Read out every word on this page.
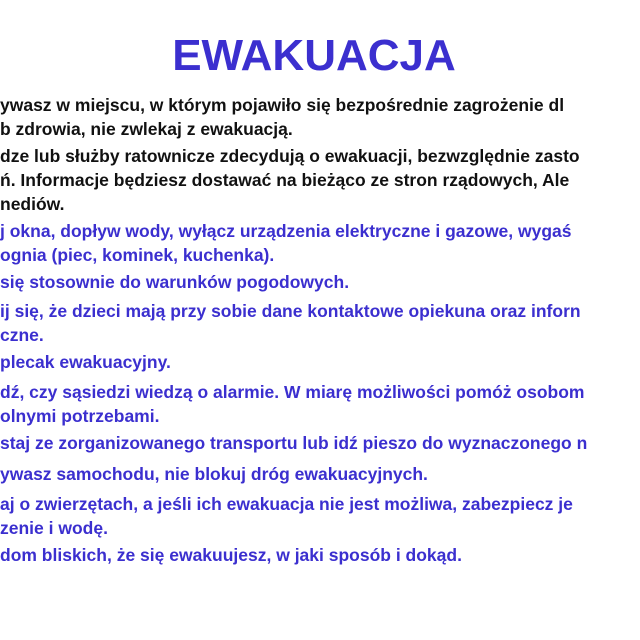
EWAKUACJA
ywasz w miejscu, w którym pojawiło się bezpośrednie zagrożenie dl
b zdrowia, nie zwlekaj z ewakuacją.
dze lub służby ratownicze zdecydują o ewakuacji, bezwzględnie zasto
ń. Informacje będziesz dostawać na bieżąco ze stron rządowych, Ale
nediów.
j okna, dopływ wody, wyłącz urządzenia elektryczne i gazowe, wygaś
ognia (piec, kominek, kuchenka).
się stosownie do warunków pogodowych.
ij się, że dzieci mają przy sobie dane kontaktowe opiekuna oraz inforn
czne.
plecak ewakuacyjny.
dź, czy sąsiedzi wiedzą o alarmie. W miarę możliwości pomóż osobom
olnymi potrzebami.
staj ze zorganizowanego transportu lub idź pieszo do wyznaczonego n
ywasz samochodu, nie blokuj dróg ewakuacyjnych.
aj o zwierzętach, a jeśli ich ewakuacja nie jest możliwa, zabezpiecz je
zenie i wodę.
dom bliskich, że się ewakuujesz, w jaki sposób i dokąd.
